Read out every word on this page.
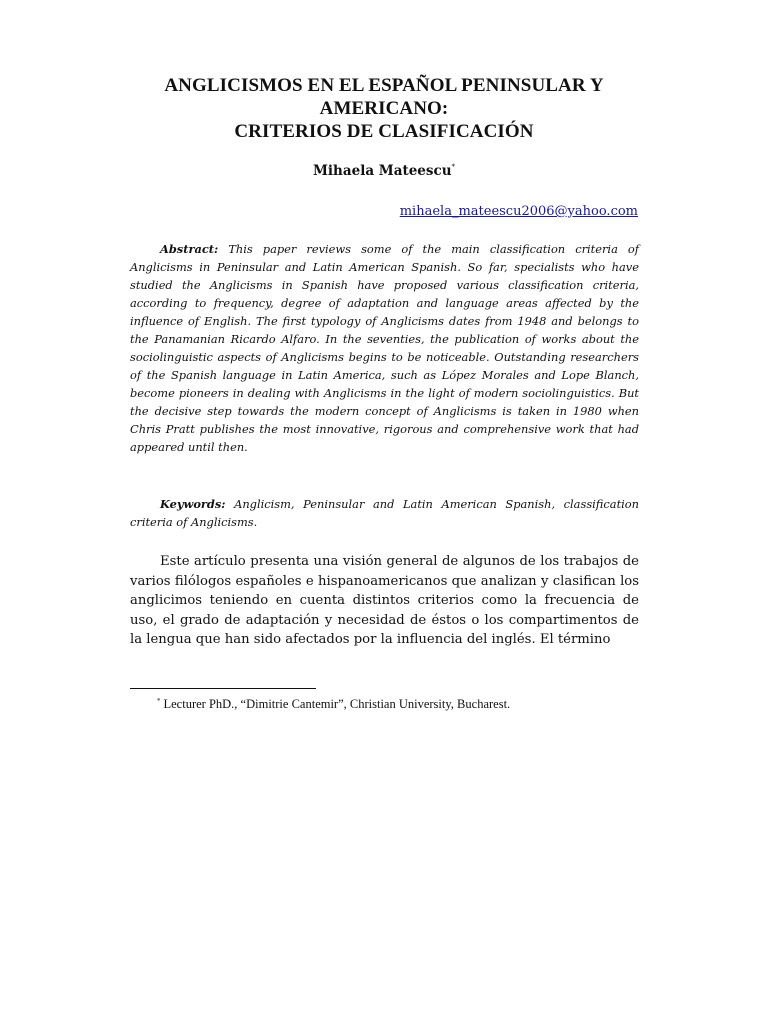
ANGLICISMOS EN EL ESPAÑOL PENINSULAR Y
AMERICANO:
CRITERIOS DE CLASIFICACIÓN
Mihaela Mateescu*
mihaela_mateescu2006@yahoo.com

Abstract: This paper reviews some of the main classification criteria of Anglicisms in Peninsular and Latin American Spanish. So far, specialists who have studied the Anglicisms in Spanish have proposed various classification criteria, according to frequency, degree of adaptation and language areas affected by the influence of English. The first typology of Anglicisms dates from 1948 and belongs to the Panamanian Ricardo Alfaro. In the seventies, the publication of works about the sociolinguistic aspects of Anglicisms begins to be noticeable. Outstanding researchers of the Spanish language in Latin America, such as López Morales and Lope Blanch, become pioneers in dealing with Anglicisms in the light of modern sociolinguistics. But the decisive step towards the modern concept of Anglicisms is taken in 1980 when Chris Pratt publishes the most innovative, rigorous and comprehensive work that had appeared until then.

Keywords: Anglicism, Peninsular and Latin American Spanish, classification criteria of Anglicisms.

Este artículo presenta una visión general de algunos de los trabajos de varios filólogos españoles e hispanoamericanos que analizan y clasifican los anglicimos teniendo en cuenta distintos criterios como la frecuencia de uso, el grado de adaptación y necesidad de éstos o los compartimentos de la lengua que han sido afectados por la influencia del inglés. El término

* Lecturer PhD., “Dimitrie Cantemir”, Christian University, Bucharest.
